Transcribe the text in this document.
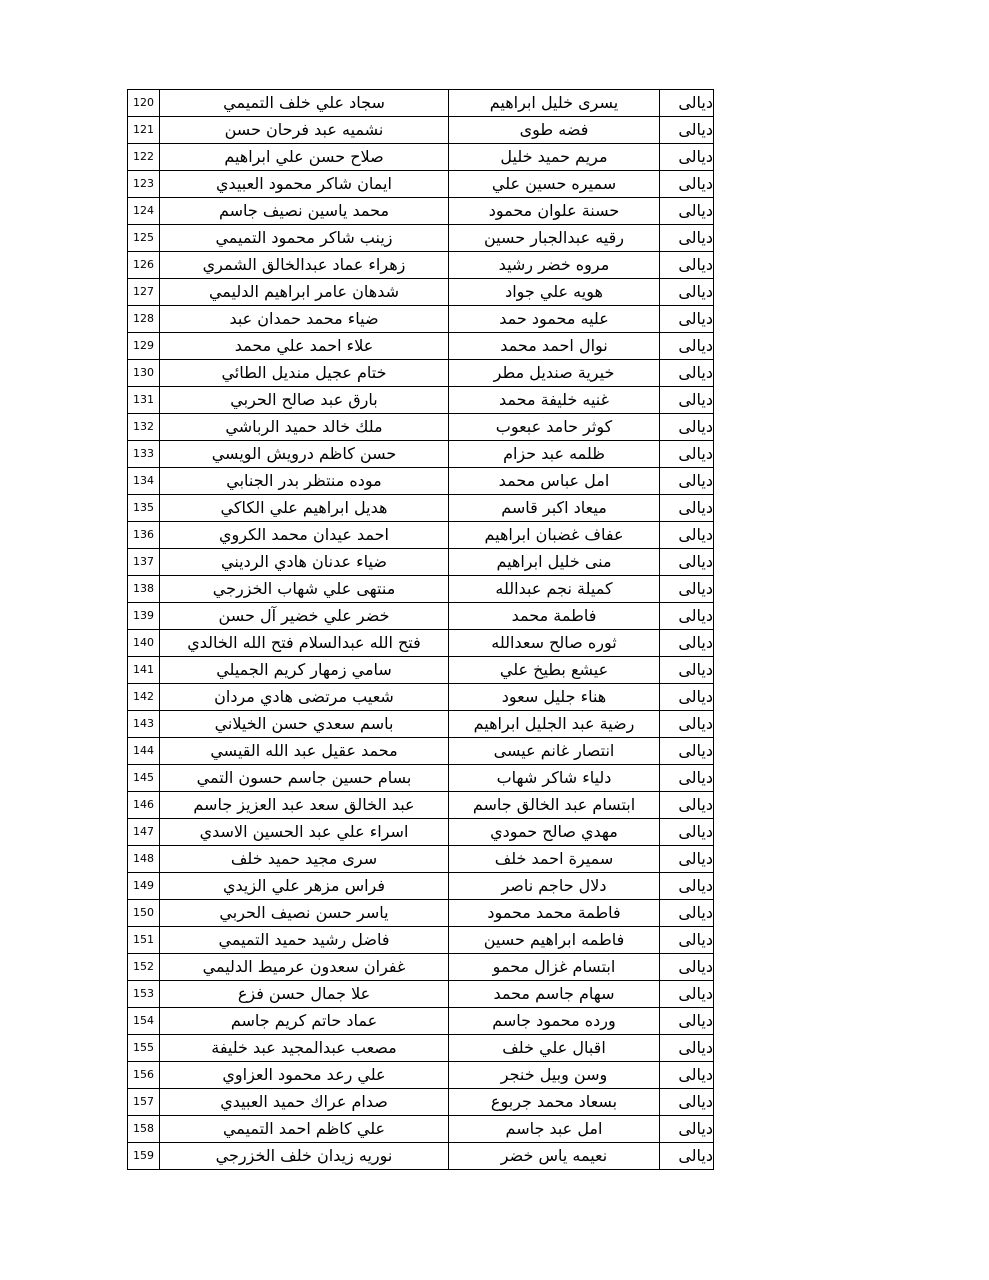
120	سجاد علي خلف التميمي	يسرى خليل ابراهيم	ديالى
121	نشميه عبد فرحان حسن	فضه طوى	ديالى
122	صلاح حسن علي ابراهيم	مريم حميد خليل	ديالى
123	ايمان شاكر محمود العبيدي	سميره حسين علي	ديالى
124	محمد ياسين نصيف جاسم	حسنة علوان محمود	ديالى
125	زينب شاكر محمود التميمي	رقيه عبدالجبار حسين	ديالى
126	زهراء عماد عبدالخالق الشمري	مروه خضر رشيد	ديالى
127	شدهان عامر ابراهيم الدليمي	هويه علي جواد	ديالى
128	ضياء محمد حمدان عبد	عليه محمود حمد	ديالى
129	علاء احمد علي محمد	نوال احمد محمد	ديالى
130	ختام عجيل منديل الطائي	خيرية صنديل مطر	ديالى
131	بارق عبد صالح الحربي	غنيه خليفة محمد	ديالى
132	ملك خالد حميد الرباشي	كوثر حامد عبعوب	ديالى
133	حسن كاظم درويش الويسي	ظلمه عبد حزام	ديالى
134	موده منتظر بدر الجنابي	امل عباس محمد	ديالى
135	هديل ابراهيم علي الكاكي	ميعاد اكبر قاسم	ديالى
136	احمد عيدان محمد الكروي	عفاف غضبان ابراهيم	ديالى
137	ضياء عدنان هادي الرديني	منى خليل ابراهيم	ديالى
138	منتهى علي شهاب الخزرجي	كميلة نجم عبدالله	ديالى
139	خضر علي خضير آل حسن	فاطمة محمد	ديالى
140	فتح الله عبدالسلام فتح الله الخالدي	ثوره صالح سعدالله	ديالى
141	سامي زمهار كريم الجميلي	عيشع بطيخ علي	ديالى
142	شعيب مرتضى هادي مردان	هناء جليل سعود	ديالى
143	باسم سعدي حسن الخيلاني	رضية عبد الجليل ابراهيم	ديالى
144	محمد عقيل عبد الله القيسي	انتصار غانم عيسى	ديالى
145	بسام حسين جاسم حسون التمي	دلياء شاكر شهاب	ديالى
146	عبد الخالق سعد عبد العزيز جاسم	ابتسام عبد الخالق جاسم	ديالى
147	اسراء علي عبد الحسين الاسدي	مهدي صالح حمودي	ديالى
148	سرى مجيد حميد خلف	سميرة احمد خلف	ديالى
149	فراس مزهر علي الزيدي	دلال حاجم ناصر	ديالى
150	ياسر حسن نصيف الحربي	فاطمة محمد محمود	ديالى
151	فاضل رشيد حميد التميمي	فاطمه ابراهيم حسين	ديالى
152	غفران سعدون عرميط الدليمي	ابتسام غزال محمو	ديالى
153	علا جمال حسن فزع	سهام جاسم محمد	ديالى
154	عماد حاتم كريم جاسم	ورده محمود جاسم	ديالى
155	مصعب عبدالمجيد عبد خليفة	اقبال علي خلف	ديالى
156	علي رعد محمود العزاوي	وسن وبيل خنجر	ديالى
157	صدام عراك حميد العبيدي	بسعاد محمد جربوع	ديالى
158	علي كاظم احمد التميمي	امل عبد جاسم	ديالى
159	نوريه زيدان خلف الخزرجي	نعيمه ياس خضر	ديالى
